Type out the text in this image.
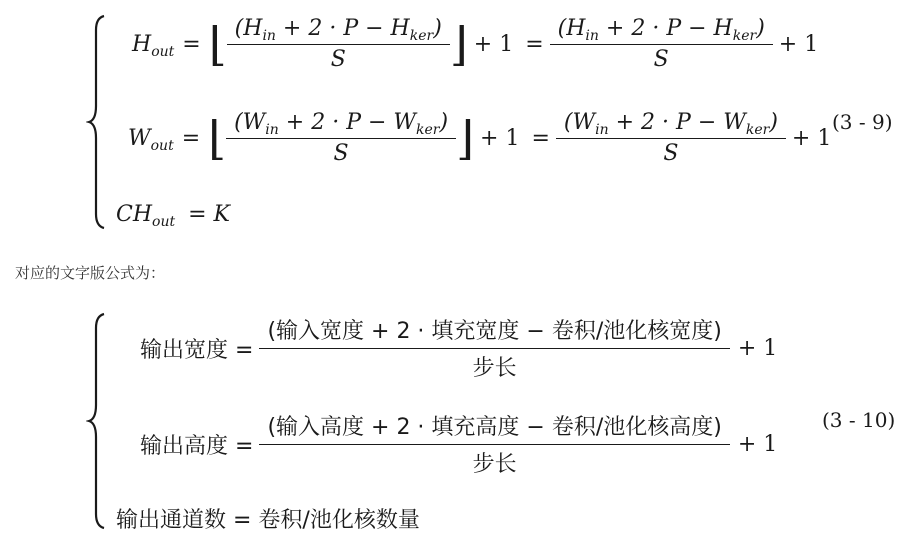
$H_{out}$ = ⌊ $\frac{(H_{in} + 2 \cdot P - H_{ker})}{S}$ ⌋ + $1 = \frac{(H_{in} + 2 \cdot P - H_{ker})}{S} + 1$
$W_{out}$ = ⌊ $\frac{(W_{in} + 2 \cdot P - W_{ker})}{S}$ ⌋ + $1 = \frac{(W_{in} + 2 \cdot P - W_{ker})}{S} + 1$
$CH_{out} = K$
(3 - 9)
对应的文字版公式为：
输出宽度 = $\frac{\text{(输入宽度 + 2 · 填充宽度 − 卷积/池化核宽度)}}{\text{步长}} + 1$
输出高度 = $\frac{\text{(输入高度 + 2 · 填充高度 − 卷积/池化核高度)}}{\text{步长}} + 1$
输出通道数 = 卷积/池化核数量
(3 - 10)
